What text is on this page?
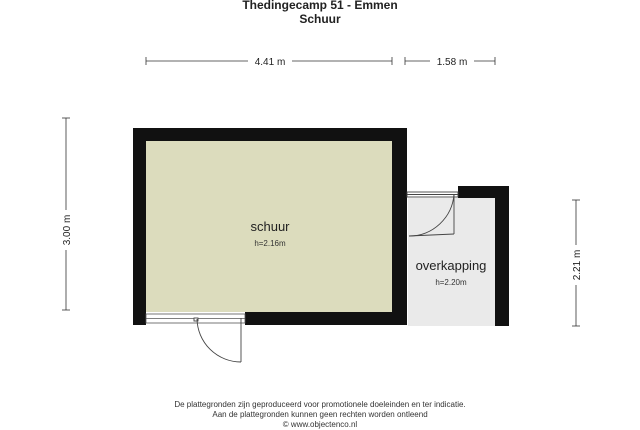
Thedingecamp 51 - Emmen
Schuur
4.41 m	1.58 m
3.00 m
2.21 m
schuur
h=2.16m
overkapping
h=2.20m
De plattegronden zijn geproduceerd voor promotionele doeleinden en ter indicatie.
Aan de plattegronden kunnen geen rechten worden ontleend
© www.objectenco.nl
